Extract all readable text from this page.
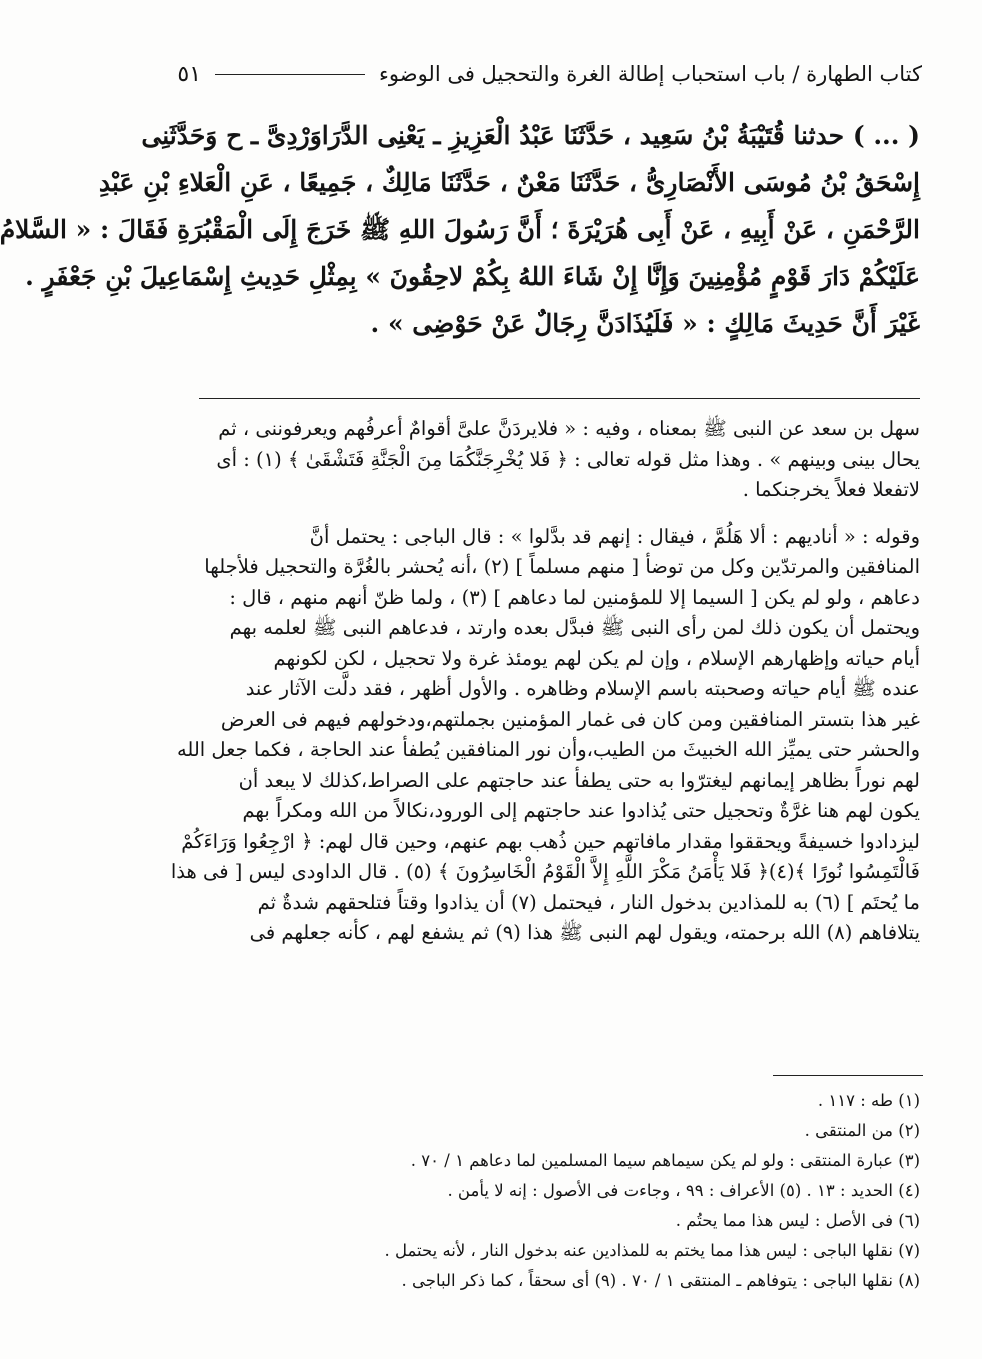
كتاب الطهارة / باب استحباب إطالة الغرة والتحجيل فى الوضوء
٥١
( ... ) حدثنا قُتَيْبَةُ بْنُ سَعِيد ، حَدَّثَنَا عَبْدُ الْعَزِيزِ ـ يَعْنِى الدَّرَاوَرْدِىَّ ـ ح وَحَدَّثَنِى
إِسْحَقُ بْنُ مُوسَى الأَنْصَارِىُّ ، حَدَّثَنَا مَعْنٌ ، حَدَّثَنَا مَالِكٌ ، جَمِيعًا ، عَنِ الْعَلاءِ بْنِ عَبْدِ
الرَّحْمَنِ ، عَنْ أَبِيهِ ، عَنْ أَبِى هُرَيْرَةَ ؛ أَنَّ رَسُولَ اللهِ ﷺ خَرَجَ إِلَى الْمَقْبُرَةِ فَقَالَ : « السَّلامُ
عَلَيْكُمْ دَارَ قَوْمٍ مُؤْمِنِينَ وَإِنَّا إِنْ شَاءَ اللهُ بِكُمْ لاحِقُونَ » بِمِثْلِ حَدِيثِ إِسْمَاعِيلَ بْنِ جَعْفَرٍ .
غَيْرَ أَنَّ حَدِيثَ مَالِكٍ : « فَلَيُذَادَنَّ رِجَالٌ عَنْ حَوْضِى » .
سهل بن سعد عن النبى ﷺ بمعناه ، وفيه : « فلايردَنَّ علىَّ أقوامٌ أعرفُهم ويعرفوننى ، ثم
يحال بينى وبينهم » . وهذا مثل قوله تعالى : ﴿ فَلا يُخْرِجَنَّكُمَا مِنَ الْجَنَّةِ فَتَشْقَىٰ ﴾ (١) : أى
لاتفعلا فعلاً يخرجنكما .
وقوله : « أناديهم : ألا هَلُمَّ ، فيقال : إنهم قد بدَّلوا » : قال الباجى : يحتمل أنَّ
المنافقين والمرتدّين وكل من توضأ [ منهم مسلماً ] (٢) ،أنه يُحشر بالغُرَّة والتحجيل فلأجلها
دعاهم ، ولو لم يكن [ السيما إلا للمؤمنين لما دعاهم ] (٣) ، ولما ظنّ أنهم منهم ، قال :
ويحتمل أن يكون ذلك لمن رأى النبى ﷺ فبدَّل بعده وارتد ، فدعاهم النبى ﷺ لعلمه بهم
أيام حياته وإظهارهم الإسلام ، وإن لم يكن لهم يومئذ غرة ولا تحجيل ، لكن لكونهم
عنده ﷺ أيام حياته وصحبته باسم الإسلام وظاهره . والأول أظهر ، فقد دلَّت الآثار عند
غير هذا بتستر المنافقين ومن كان فى غمار المؤمنين بجملتهم،ودخولهم فيهم فى العرض
والحشر حتى يميِّز الله الخبيثَ من الطيب،وأن نور المنافقين يُطفأ عند الحاجة ، فكما جعل الله
لهم نوراً بظاهر إيمانهم ليغترّوا به حتى يطفأ عند حاجتهم على الصراط،كذلك لا يبعد أن
يكون لهم هنا غرَّةٌ وتحجيل حتى يُذادوا عند حاجتهم إلى الورود،نكالاً من الله ومكراً بهم
ليزدادوا خسيفةً ويحققوا مقدار مافاتهم حين ذُهب بهم عنهم، وحين قال لهم: ﴿ ارْجِعُوا وَرَاءَكُمْ
فَالْتَمِسُوا نُورًا ﴾(٤)﴿ فَلا يَأْمَنُ مَكْرَ اللَّهِ إِلاَّ الْقَوْمُ الْخَاسِرُونَ ﴾ (٥) . قال الداودى ليس [ فى هذا
ما يُحتَم ] (٦) به للمذادين بدخول النار ، فيحتمل (٧) أن يذادوا وقتاً فتلحقهم شدةٌ ثم
يتلافاهم (٨) الله برحمته، ويقول لهم النبى ﷺ هذا (٩) ثم يشفع لهم ، كأنه جعلهم فى
(١) طه : ١١٧ .
(٢) من المنتقى .
(٣) عبارة المنتقى : ولو لم يكن سيماهم سيما المسلمين لما دعاهم ١ / ٧٠ .
(٤) الحديد : ١٣ . (٥) الأعراف : ٩٩ ، وجاءت فى الأصول : إنه لا يأمن .
(٦) فى الأصل : ليس هذا مما يحتُم .
(٧) نقلها الباجى : ليس هذا مما يختم به للمذادين عنه بدخول النار ، لأنه يحتمل .
(٨) نقلها الباجى : يتوفاهم ـ المنتقى ١ / ٧٠ . (٩) أى سحقاً ، كما ذكر الباجى .
